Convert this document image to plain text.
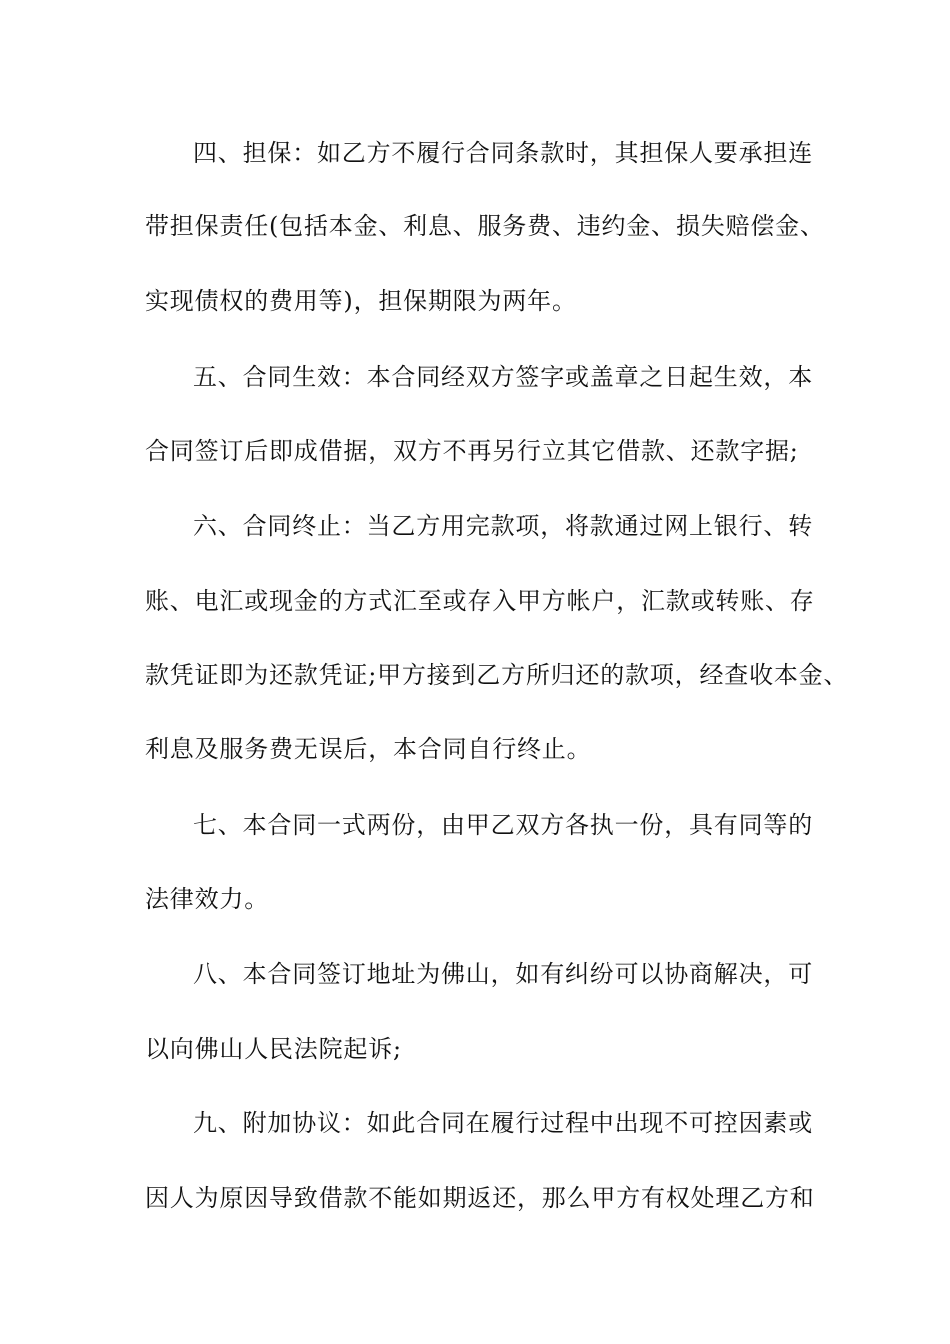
四、担保：如乙方不履行合同条款时，其担保人要承担连
带担保责任(包括本金、利息、服务费、违约金、损失赔偿金、
实现债权的费用等)，担保期限为两年。
五、合同生效：本合同经双方签字或盖章之日起生效，本
合同签订后即成借据，双方不再另行立其它借款、还款字据;
六、合同终止：当乙方用完款项，将款通过网上银行、转
账、电汇或现金的方式汇至或存入甲方帐户，汇款或转账、存
款凭证即为还款凭证;甲方接到乙方所归还的款项，经查收本金、
利息及服务费无误后，本合同自行终止。
七、本合同一式两份，由甲乙双方各执一份，具有同等的
法律效力。
八、本合同签订地址为佛山，如有纠纷可以协商解决，可
以向佛山人民法院起诉;
九、附加协议：如此合同在履行过程中出现不可控因素或
因人为原因导致借款不能如期返还，那么甲方有权处理乙方和
